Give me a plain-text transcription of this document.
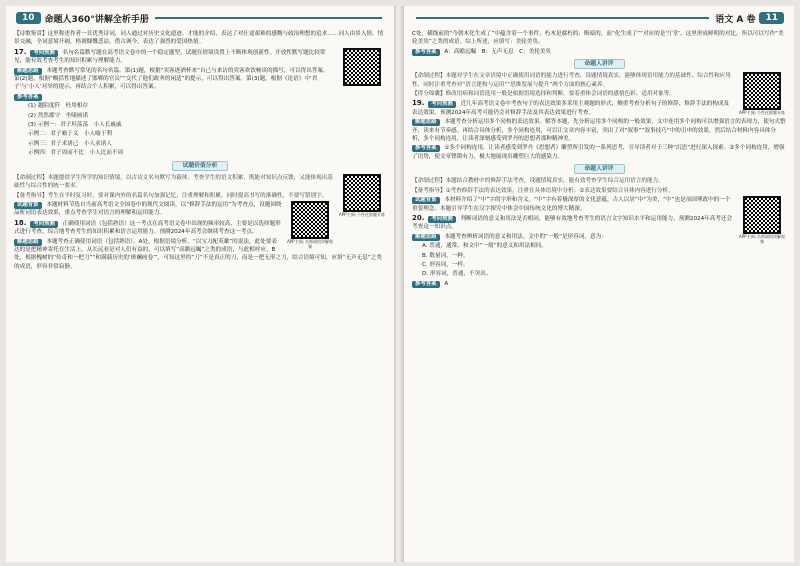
10	命题人360°讲解全析手册

【诗歌鉴赏】这里称述作者一首优秀诗词，词人通过对历史文化遗迹、才能的介绍，表达了对仕途艰难的感慨与政治理想的追求……词人由景入情，情景交融，全词意境开阔，格调慷慨悲凉，借古讽今，表达了强烈的爱国热情。

17. 考向预测 名句名篇默写题在高考语文卷中的一个稳定题型，试题在情境设置上不断体现创新性。开放性默写题比较常见，能有效考查考生的知识积累与理解能力。

解题思路 本题考查默写常见的名句名篇。第(1)题，根据“宾客逐酒杯来”自己与来访的宾客欢饮畅谈的描写，可以得出答案。第(2)题，根据“概括性地描述了邯郸的官员”“交代了他们政务的闲适”的提示，可以得出答案。第(3)题，根据《论语》中‘君子’与‘小人’对举的提示，再结合个人积累，可以得出答案。

参考答案

(1) 越陌度阡　枉用相存

(2) 然然郡守　坐啸画诺

(3) 示例一：君子坦荡荡　小人长戚戚

示例二：君子喻于义　小人喻于利

示例三：君子求诸己　小人求诸人

示例四：君子周而不比　小人比而不周

试题价值分析
APP 扫码 个性化错题专练

【命制过程】本题提供学生所学的知识情境，以古诗文名句默写为载体，考查学生的语文积累，既能对知识点反馈，又能体现出基础性与综合性的统一要求。

【备考指导】考生在平时复习时，要对课内外的名篇名句加强记忆，注重理解和积累，同时提高书写的准确性，不要写错别字。

APP 扫码 名师面授讲解视频

试题背景 本题材料节选自当前高考语文全国卷中的现代文阅读，以“修辞手法的运用”为考查点，设题围绕品析词语表达效果，重点考查学生对语言的理解和运用能力。

18. 考向预测 正确使用词语（包括熟语）这一考点在高考语文卷中出现的频率较高，主要是以选择题形式进行考查，综合地考查考生的知识积累和语言运用能力。预测2024年高考会继续考查这一考点。

解题思路 本题考查正确使用词语（包括熟语）。A处，根据语境分析，“以宝刀配英雄”的说法，此处要表达的是把精神寄托在生活上，从长远看是对人们有益的，可以填写“高瞻远瞩”之类的成语，与此相呼应。B处，根据槐树的“传奇和一把刀”“和满载历史的‘斑斓画卷’”，可知这里的“刀”不是真正的刀，而是一把无形之刀，结合语境可知，应填“无声无息”之类的成语，形容非常寂静。

语文 A 卷	11

C处，横线前的“今朝木化生成了”中蕴含着一个事件，朽木是腐朽的、晦暗的，而“化生成了”“对应的是‘厅堂’，这里形成鲜明的对比，所以可以写作“美轮美奂”之类的成语。综上所述，应填写：美轮美奂。

参考答案 A：高瞻远瞩　B：无声无息　C：美轮美奂

命题人讲评
APP 扫码 个性化错题专练

【命制过程】本题对学生在文章语境中正确使用词语的能力进行考查，设题情境真实，能够体现语用能力的基础性、综合性和应用性，同时注重考查对“语言建构与运用”“思维发展与提升”两个方面的核心素养。

【得分锦囊】修改语病和词语选用一般是根据语境选择和判断。要着重体会词语的感情色彩、适用对象等。

19. 考向预测 近几年高考语文卷中考查句子的表达效果多采用主观题的形式，侧重考查分析句子的修辞、修辞手法的构成及表达效果，预测2024年高考可能仍会对修辞手法及其表达效果进行考查。

解题思路 本题考查分析运用多个同构的表达效果。解答本题，先分析运用多个同构的一般效果，文中连用多个同构可以增强语言的表现力，使句式整齐，读来有节奏感。再结合具体分析，多个同构连用，可以让文章内容丰富，突出了对“叙事”“叙事技巧”中的引申的效果。然后结合材料内容具体分析，多个同构连用，让读者深刻感受到罗丹的思想者那种精神美。

参考答案 ①多个同构连用，让读者感受到罗丹《思想者》雕塑所引发的一系列思考，引导读者对于三种“沉思”进行深入探索。②多个同构连用，增强了语势，使文章铿锵有力，极大地展现出雕塑巨大的感染力。

命题人讲评

【命制过程】本题结合教材中的修辞手法考查，设题情境真实，能有效考查学生综合运用语言的能力。

【备考指导】①考查修辞手法的表达效果，注重在具体语境中分析；②表达效果要结合具体内容进行分析。

APP 扫码 名师面授讲解视频

试题背景 本材料介绍了“中”字的字形和含义。“中”字有着极深厚的文化意蕴，古人以居“中”为美，“中”也是治国理政中的一个重要理念。本题引导学生在汉字探究中体会中国传统文化的博大精深。

20. 考向预测 判断词语的意义和用法是否相同，能够有效地考查考生的语言文字知识水平和运用能力，预测2024年高考还会考查这一知识点。

解题思路 本题考查辨析词语的意义和用法。文中的“一般”是形容词，意为：

A. 普通，通常。和文中“一般”的意义和用法相同。

B. 数量词，一种。

C. 形容词，一样。

D. 形容词，普通，不突出。

参考答案 A
